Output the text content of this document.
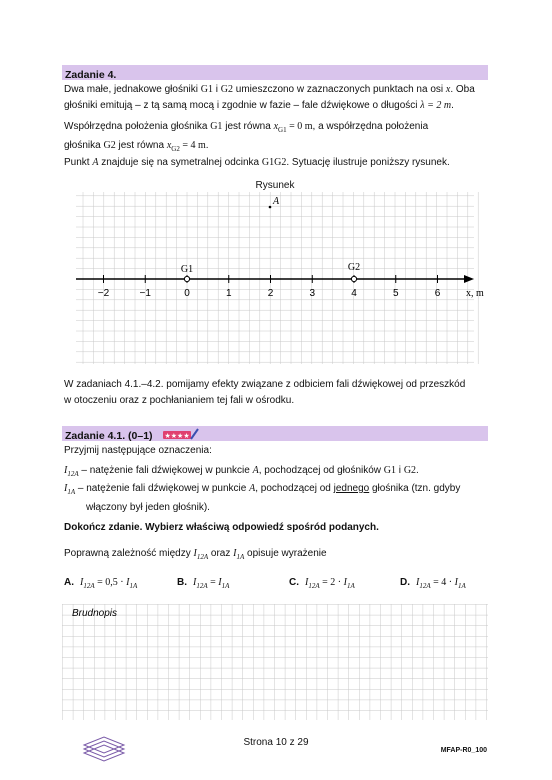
Zadanie 4.
Dwa małe, jednakowe głośniki G1 i G2 umieszczono w zaznaczonych punktach na osi x. Oba
głośniki emitują – z tą samą mocą i zgodnie w fazie – fale dźwiękowe o długości λ = 2 m.
Współrzędna położenia głośnika G1 jest równa $x_{G1} = 0$ m, a współrzędna położenia
głośnika G2 jest równa $x_{G2} = 4$ m.
Punkt A znajduje się na symetralnej odcinka G1G2. Sytuację ilustruje poniższy rysunek.
Rysunek
−2	−1	0	1	2	3	4	5	6
G1	G2
A
x, m
W zadaniach 4.1.–4.2. pomijamy efekty związane z odbiciem fali dźwiękowej od przeszkód
w otoczeniu oraz z pochłanianiem tej fali w ośrodku.
Zadanie 4.1. (0–1) ★★★★
Przyjmij następujące oznaczenia:
$I_{12A}$ – natężenie fali dźwiękowej w punkcie A, pochodzącej od głośników G1 i G2.
$I_{1A}$ – natężenie fali dźwiękowej w punkcie A, pochodzącej od jednego głośnika (tzn. gdyby
włączony był jeden głośnik).
Dokończ zdanie. Wybierz właściwą odpowiedź spośród podanych.
Poprawną zależność między $I_{12A}$ oraz $I_{1A}$ opisuje wyrażenie
A. $I_{12A} = 0,5 \cdot I_{1A}$	B. $I_{12A} = I_{1A}$	C. $I_{12A} = 2 \cdot I_{1A}$	D. $I_{12A} = 4 \cdot I_{1A}$
Brudnopis
Strona 10 z 29
MFAP-R0_100
